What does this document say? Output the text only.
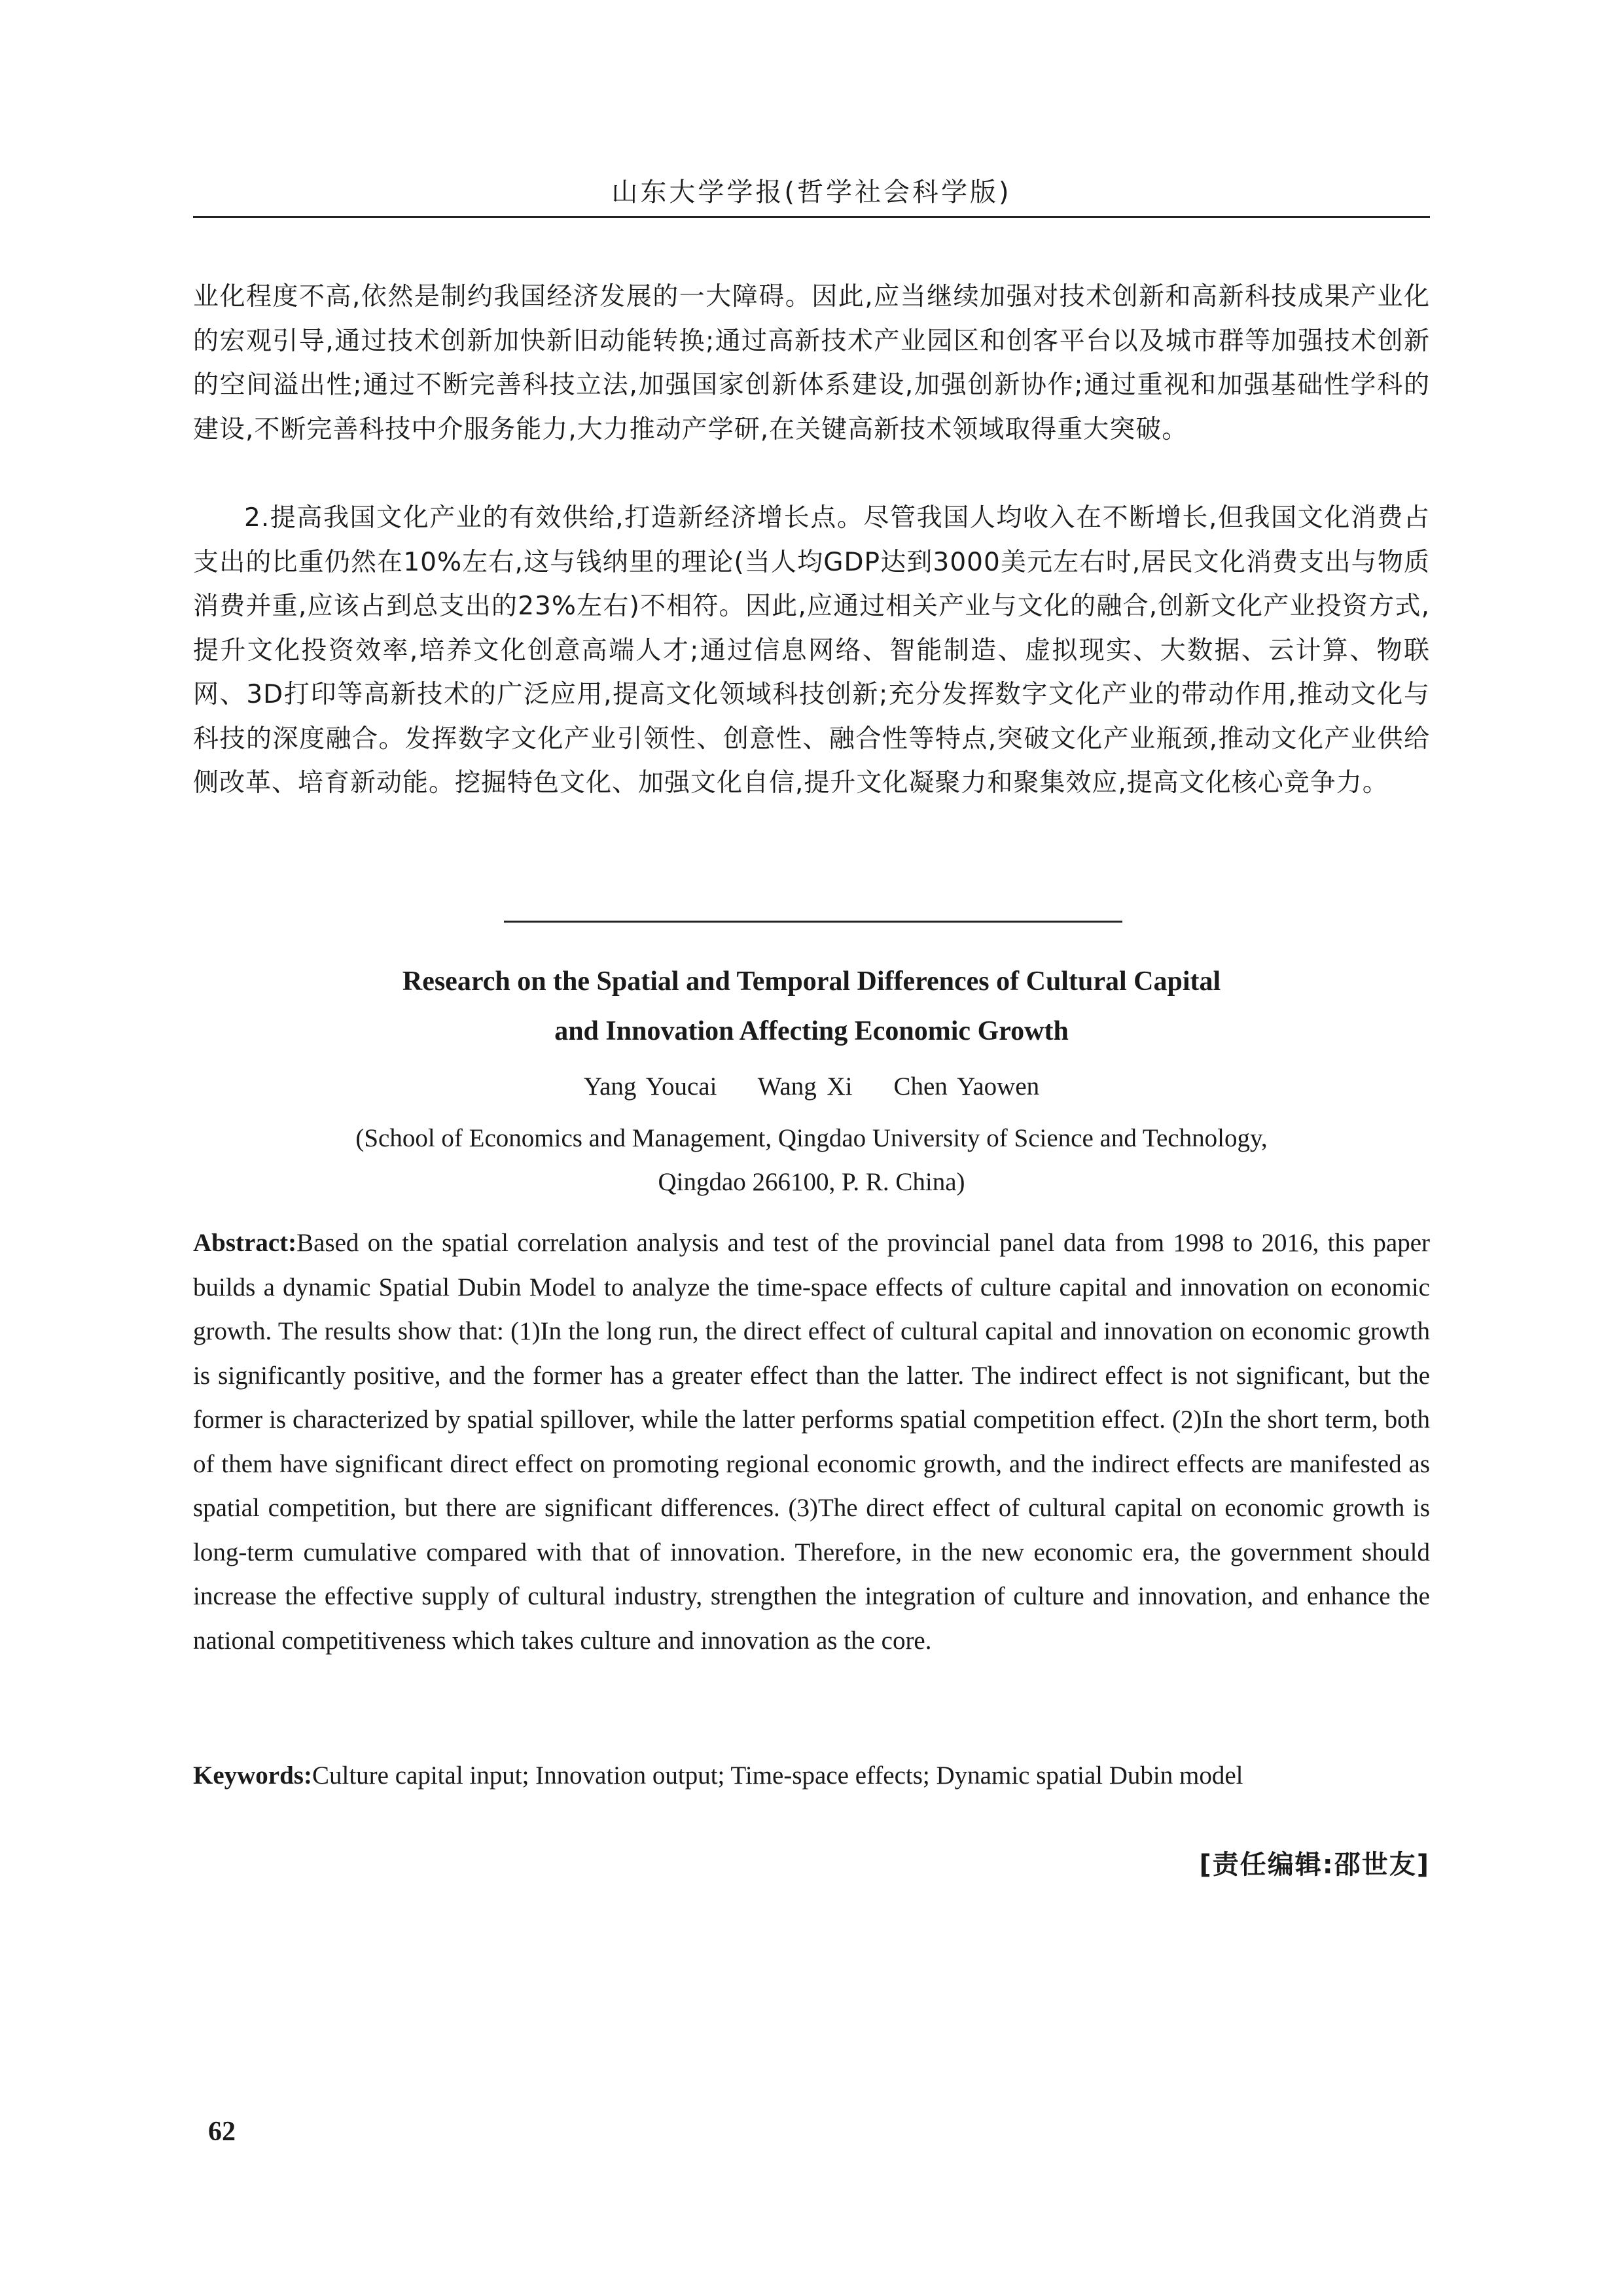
山东大学学报(哲学社会科学版)

业化程度不高,依然是制约我国经济发展的一大障碍。因此,应当继续加强对技术创新和高新科技成果产业化的宏观引导,通过技术创新加快新旧动能转换;通过高新技术产业园区和创客平台以及城市群等加强技术创新的空间溢出性;通过不断完善科技立法,加强国家创新体系建设,加强创新协作;通过重视和加强基础性学科的建设,不断完善科技中介服务能力,大力推动产学研,在关键高新技术领域取得重大突破。

2.提高我国文化产业的有效供给,打造新经济增长点。尽管我国人均收入在不断增长,但我国文化消费占支出的比重仍然在10%左右,这与钱纳里的理论(当人均GDP达到3000美元左右时,居民文化消费支出与物质消费并重,应该占到总支出的23%左右)不相符。因此,应通过相关产业与文化的融合,创新文化产业投资方式,提升文化投资效率,培养文化创意高端人才;通过信息网络、智能制造、虚拟现实、大数据、云计算、物联网、3D打印等高新技术的广泛应用,提高文化领域科技创新;充分发挥数字文化产业的带动作用,推动文化与科技的深度融合。发挥数字文化产业引领性、创意性、融合性等特点,突破文化产业瓶颈,推动文化产业供给侧改革、培育新动能。挖掘特色文化、加强文化自信,提升文化凝聚力和聚集效应,提高文化核心竞争力。

Research on the Spatial and Temporal Differences of Cultural Capital
and Innovation Affecting Economic Growth
Yang Youcai    Wang Xi    Chen Yaowen
(School of Economics and Management, Qingdao University of Science and Technology,
Qingdao 266100, P. R. China)

Abstract:Based on the spatial correlation analysis and test of the provincial panel data from 1998 to 2016, this paper builds a dynamic Spatial Dubin Model to analyze the time-space effects of culture capital and innovation on economic growth. The results show that: (1)In the long run, the direct effect of cultural capital and innovation on economic growth is significantly positive, and the former has a greater effect than the latter. The indirect effect is not significant, but the former is characterized by spatial spillover, while the latter performs spatial competition effect. (2)In the short term, both of them have significant direct effect on promoting regional economic growth, and the indirect effects are manifested as spatial competition, but there are significant differences. (3)The direct effect of cultural capital on economic growth is long-term cumulative compared with that of innovation. Therefore, in the new economic era, the government should increase the effective supply of cultural industry, strengthen the integration of culture and innovation, and enhance the national competitiveness which takes culture and innovation as the core.

Keywords:Culture capital input; Innovation output; Time-space effects; Dynamic spatial Dubin model

[责任编辑:邵世友]
62
